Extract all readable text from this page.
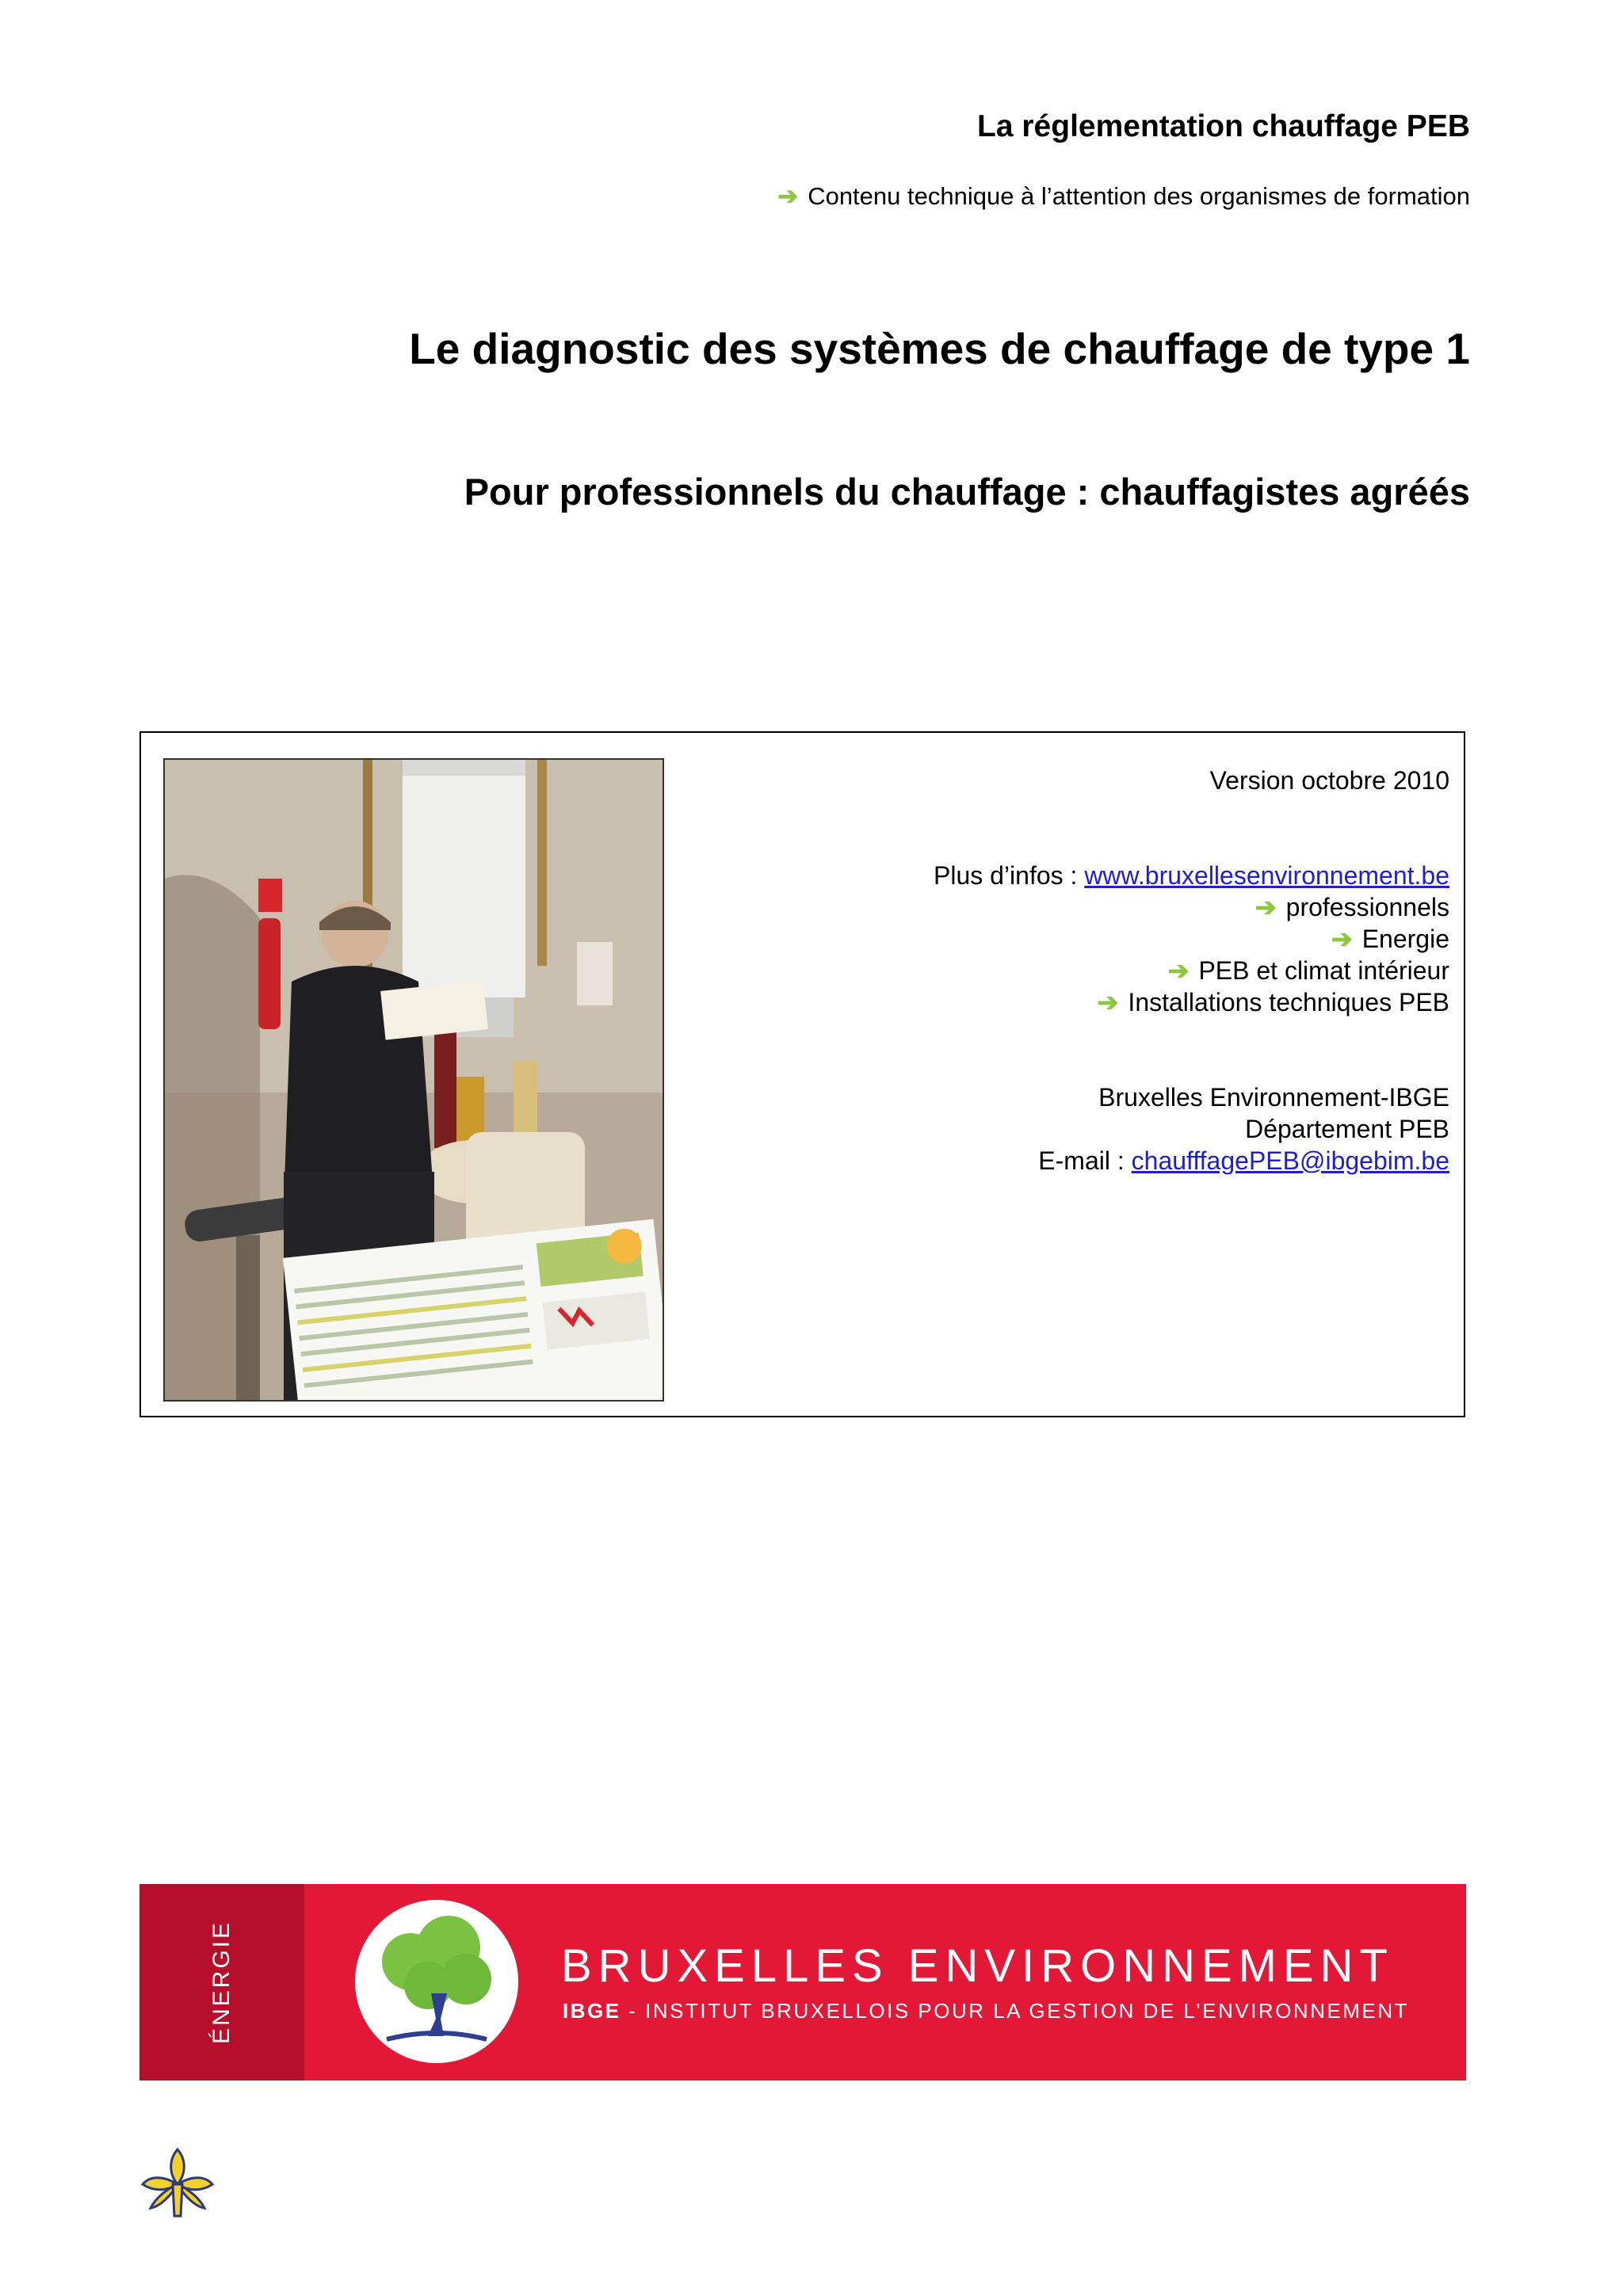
La réglementation chauffage PEB
➔ Contenu technique à l’attention des organismes de formation
Le diagnostic des systèmes de chauffage de type 1
Pour professionnels du chauffage : chauffagistes agréés
Version octobre 2010
Plus d’infos : www.bruxellesenvironnement.be
➔ professionnels
➔ Energie
➔ PEB et climat intérieur
➔ Installations techniques PEB
Bruxelles Environnement-IBGE
Département PEB
E-mail : chaufffagePEB@ibgebim.be
ÉNERGIE	BRUXELLES ENVIRONNEMENT
IBGE - INSTITUT BRUXELLOIS POUR LA GESTION DE L’ENVIRONNEMENT
